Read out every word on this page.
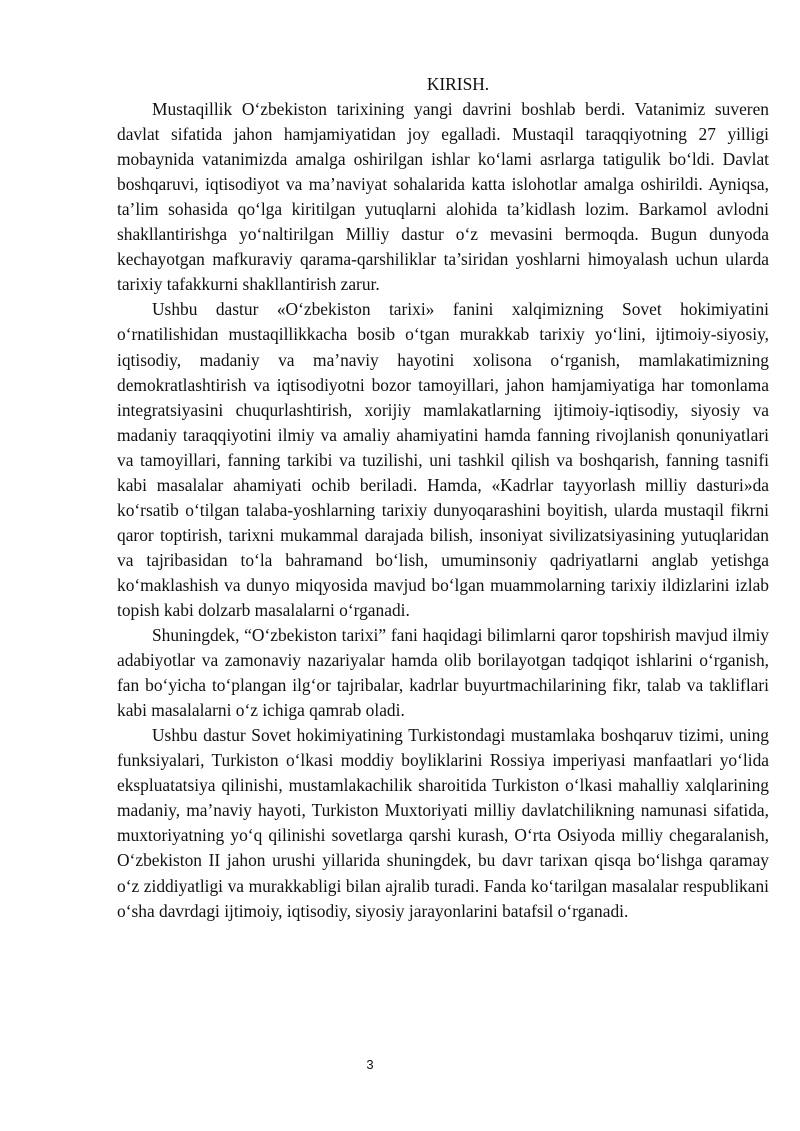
KIRISH.

Mustaqillik O‘zbekiston tarixining yangi davrini boshlab berdi. Vatanimiz suveren davlat sifatida jahon hamjamiyatidan joy egalladi. Mustaqil taraqqiyotning 27 yilligi mobaynida vatanimizda amalga oshirilgan ishlar ko‘lami asrlarga tatigulik bo‘ldi. Davlat boshqaruvi, iqtisodiyot va ma’naviyat sohalarida katta islohotlar amalga oshirildi. Ayniqsa, ta’lim sohasida qo‘lga kiritilgan yutuqlarni alohida ta’kidlash lozim. Barkamol avlodni shakllantirishga yo‘naltirilgan Milliy dastur o‘z mevasini bermoqda. Bugun dunyoda kechayotgan mafkuraviy qarama-qarshiliklar ta’siridan yoshlarni himoyalash uchun ularda tarixiy tafakkurni shakllantirish zarur.

Ushbu dastur «O‘zbekiston tarixi» fanini xalqimizning Sovet hokimiyatini o‘rnatilishidan mustaqillikkacha bosib o‘tgan murakkab tarixiy yo‘lini, ijtimoiy-siyosiy, iqtisodiy, madaniy va ma’naviy hayotini xolisona o‘rganish, mamlakatimizning demokratlashtirish va iqtisodiyotni bozor tamoyillari, jahon hamjamiyatiga har tomonlama integratsiyasini chuqurlashtirish, xorijiy mamlakatlarning ijtimoiy-iqtisodiy, siyosiy va madaniy taraqqiyotini ilmiy va amaliy ahamiyatini hamda fanning rivojlanish qonuniyatlari va tamoyillari, fanning tarkibi va tuzilishi, uni tashkil qilish va boshqarish, fanning tasnifi kabi masalalar ahamiyati ochib beriladi. Hamda, «Kadrlar tayyorlash milliy dasturi»da ko‘rsatib o‘tilgan talaba-yoshlarning tarixiy dunyoqarashini boyitish, ularda mustaqil fikrni qaror toptirish, tarixni mukammal darajada bilish, insoniyat sivilizatsiyasining yutuqlaridan va tajribasidan to‘la bahramand bo‘lish, umuminsoniy qadriyatlarni anglab yetishga ko‘maklashish va dunyo miqyosida mavjud bo‘lgan muammolarning tarixiy ildizlarini izlab topish kabi dolzarb masalalarni o‘rganadi.

Shuningdek, “O‘zbekiston tarixi” fani haqidagi bilimlarni qaror topshirish mavjud ilmiy adabiyotlar va zamonaviy nazariyalar hamda olib borilayotgan tadqiqot ishlarini o‘rganish, fan bo‘yicha to‘plangan ilg‘or tajribalar, kadrlar buyurtmachilarining fikr, talab va takliflari kabi masalalarni o‘z ichiga qamrab oladi.

Ushbu dastur Sovet hokimiyatining Turkistondagi mustamlaka boshqaruv tizimi, uning funksiyalari, Turkiston o‘lkasi moddiy boyliklarini Rossiya imperiyasi manfaatlari yo‘lida ekspluatatsiya qilinishi, mustamlakachilik sharoitida Turkiston o‘lkasi mahalliy xalqlarining madaniy, ma’naviy hayoti, Turkiston Muxtoriyati milliy davlatchilikning namunasi sifatida, muxtoriyatning yo‘q qilinishi sovetlarga qarshi kurash, O‘rta Osiyoda milliy chegaralanish, O‘zbekiston II jahon urushi yillarida shuningdek, bu davr tarixan qisqa bo‘lishga qaramay o‘z ziddiyatligi va murakkabligi bilan ajralib turadi. Fanda ko‘tarilgan masalalar respublikani o‘sha davrdagi ijtimoiy, iqtisodiy, siyosiy jarayonlarini batafsil o‘rganadi.

3
